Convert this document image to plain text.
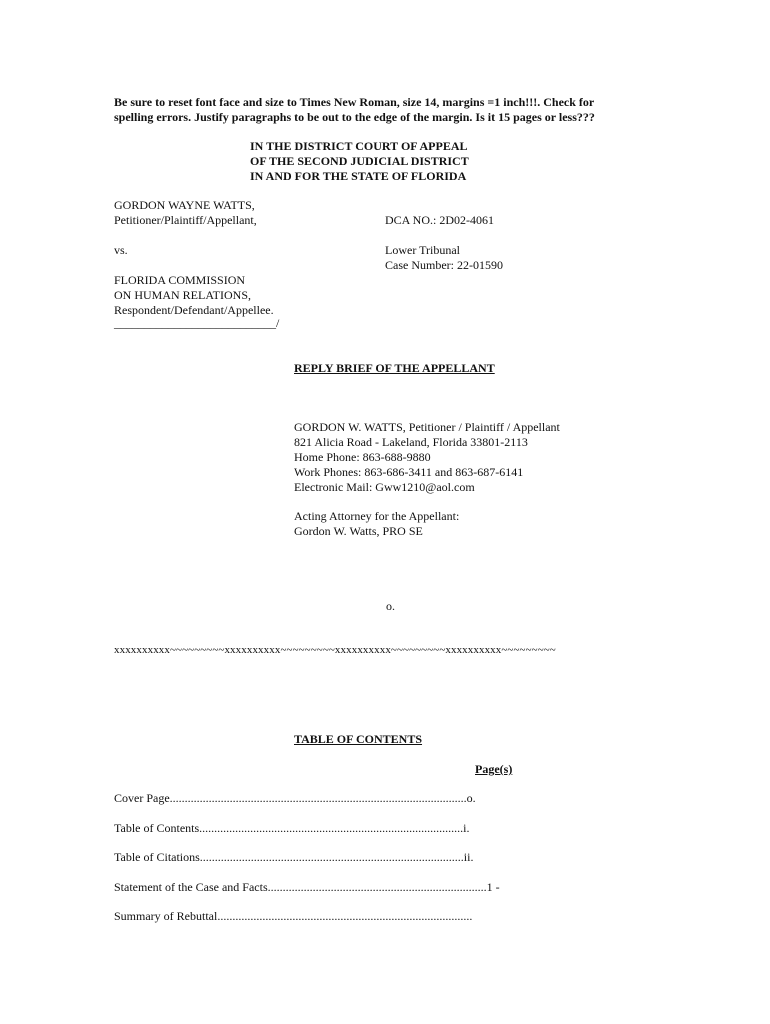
Be sure to reset font face and size to Times New Roman, size 14, margins =1 inch!!!. Check for
spelling errors. Justify paragraphs to be out to the edge of the margin. Is it 15 pages or less???
IN THE DISTRICT COURT OF APPEAL
OF THE SECOND JUDICIAL DISTRICT
IN AND FOR THE STATE OF FLORIDA
GORDON WAYNE WATTS,
Petitioner/Plaintiff/Appellant,
vs.
FLORIDA COMMISSION
ON HUMAN RELATIONS,
Respondent/Defendant/Appellee.
___________________________/
DCA NO.: 2D02-4061
Lower Tribunal
Case Number: 22-01590
REPLY BRIEF OF THE APPELLANT
GORDON W. WATTS, Petitioner / Plaintiff / Appellant
821 Alicia Road - Lakeland, Florida 33801-2113
Home Phone: 863-688-9880
Work Phones: 863-686-3411 and 863-687-6141
Electronic Mail: Gww1210@aol.com
Acting Attorney for the Appellant:
Gordon W. Watts, PRO SE
o.
xxxxxxxxxx~~~~~~~~~xxxxxxxxxx~~~~~~~~~xxxxxxxxxx~~~~~~~~~xxxxxxxxxx~~~~~~~~~
TABLE OF CONTENTS
Page(s)
Cover Page...................................................................................................o.
Table of Contents........................................................................................i.
Table of Citations........................................................................................ii.
Statement of the Case and Facts.........................................................................1 -
Summary of Rebuttal.....................................................................................
